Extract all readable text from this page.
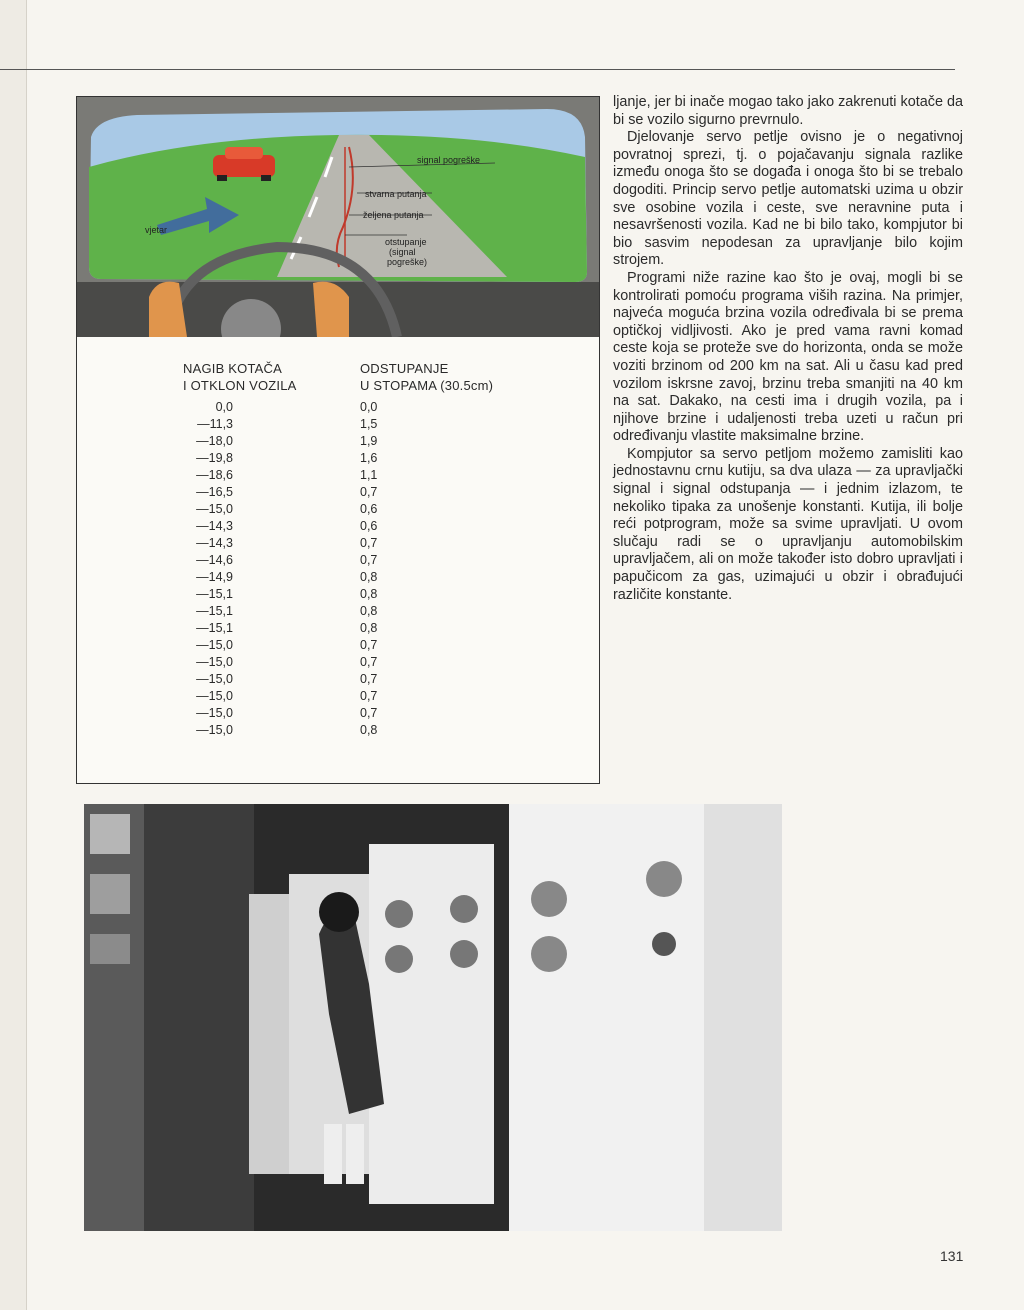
signal pogreške
stvarna putanja
željena putanja
otstupanje
(signal
pogreške)
vjetar
NAGIB KOTAČA
I OTKLON VOZILA
ODSTUPANJE
U STOPAMA (30.5cm)
0,0
—11,3
—18,0
—19,8
—18,6
—16,5
—15,0
—14,3
—14,3
—14,6
—14,9
—15,1
—15,1
—15,1
—15,0
—15,0
—15,0
—15,0
—15,0
—15,0
0,0
1,5
1,9
1,6
1,1
0,7
0,6
0,6
0,7
0,7
0,8
0,8
0,8
0,8
0,7
0,7
0,7
0,7
0,7
0,8

ljanje, jer bi inače mogao tako jako zakrenuti kotače da bi se vozilo sigurno prevrnulo.

Djelovanje servo petlje ovisno je o negativnoj povratnoj sprezi, tj. o pojačavanju signala razlike između onoga što se događa i onoga što bi se trebalo dogoditi. Princip servo petlje automatski uzima u obzir sve osobine vozila i ceste, sve neravnine puta i nesavršenosti vozila. Kad ne bi bilo tako, kompjutor bi bio sasvim nepodesan za upravljanje bilo kojim strojem.

Programi niže razine kao što je ovaj, mogli bi se kontrolirati pomoću programa viših razina. Na primjer, najveća moguća brzina vozila određivala bi se prema optičkoj vidljivosti. Ako je pred vama ravni komad ceste koja se proteže sve do horizonta, onda se može voziti brzinom od 200 km na sat. Ali u času kad pred vozilom iskrsne zavoj, brzinu treba smanjiti na 40 km na sat. Dakako, na cesti ima i drugih vozila, pa i njihove brzine i udaljenosti treba uzeti u račun pri određivanju vlastite maksimalne brzine.

Kompjutor sa servo petljom možemo zamisliti kao jednostavnu crnu kutiju, sa dva ulaza — za upravljački signal i signal odstupanja — i jednim izlazom, te nekoliko tipaka za unošenje konstanti. Kutija, ili bolje reći potprogram, može sa svime upravljati. U ovom slučaju radi se o upravljanju automobilskim upravljačem, ali on može također isto dobro upravljati i papučicom za gas, uzimajući u obzir i obrađujući različite konstante.

131
